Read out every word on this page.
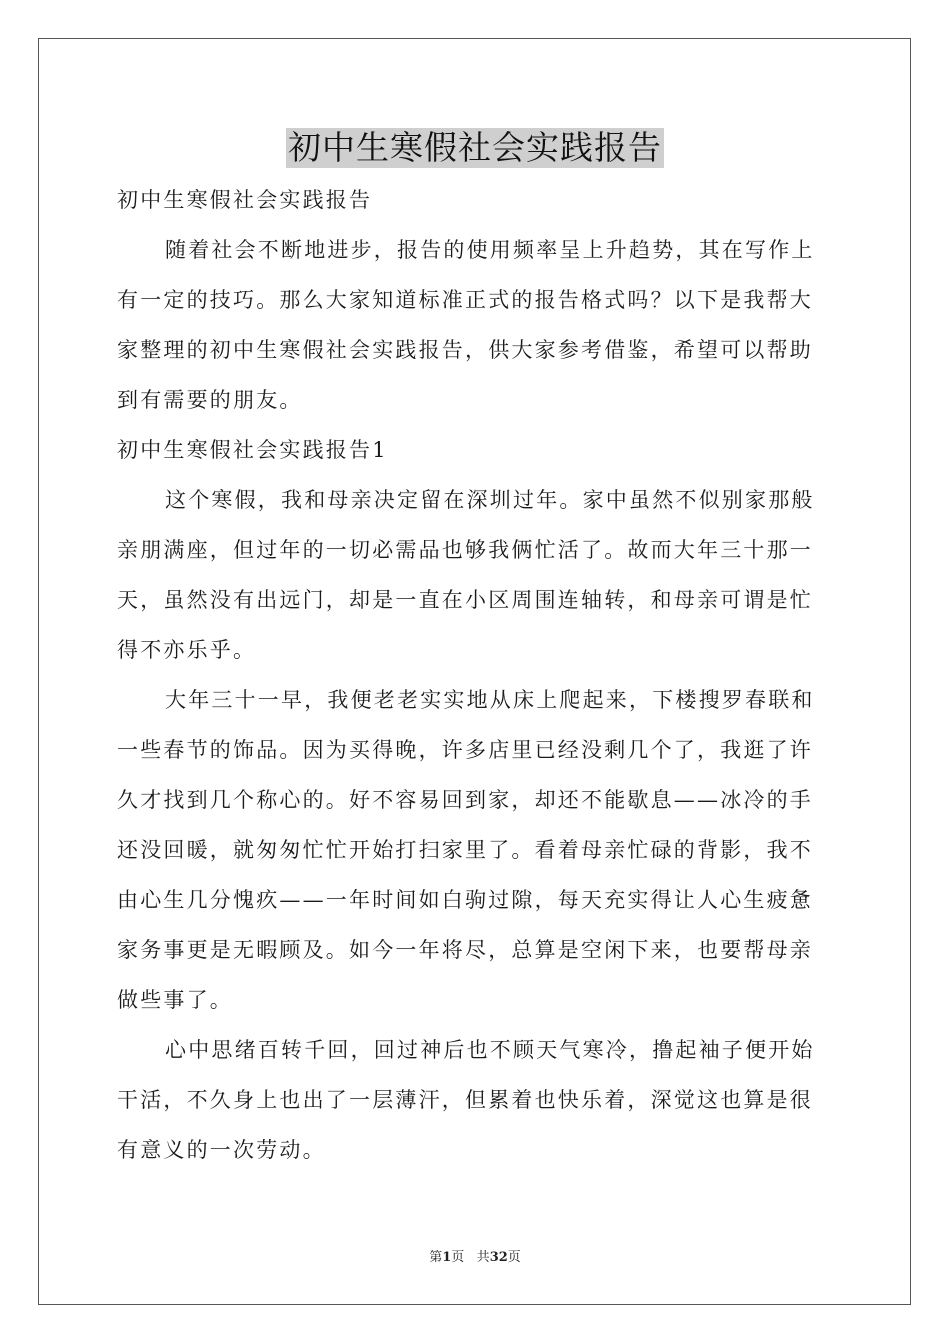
初中生寒假社会实践报告
初中生寒假社会实践报告
随着社会不断地进步，报告的使用频率呈上升趋势，其在写作上
有一定的技巧。那么大家知道标准正式的报告格式吗？以下是我帮大
家整理的初中生寒假社会实践报告，供大家参考借鉴，希望可以帮助
到有需要的朋友。
初中生寒假社会实践报告1
这个寒假，我和母亲决定留在深圳过年。家中虽然不似别家那般
亲朋满座，但过年的一切必需品也够我俩忙活了。故而大年三十那一
天，虽然没有出远门，却是一直在小区周围连轴转，和母亲可谓是忙
得不亦乐乎。
大年三十一早，我便老老实实地从床上爬起来，下楼搜罗春联和
一些春节的饰品。因为买得晚，许多店里已经没剩几个了，我逛了许
久才找到几个称心的。好不容易回到家，却还不能歇息——冰冷的手
还没回暖，就匆匆忙忙开始打扫家里了。看着母亲忙碌的背影，我不
由心生几分愧疚——一年时间如白驹过隙，每天充实得让人心生疲惫
家务事更是无暇顾及。如今一年将尽，总算是空闲下来，也要帮母亲
做些事了。
心中思绪百转千回，回过神后也不顾天气寒冷，撸起袖子便开始
干活，不久身上也出了一层薄汗，但累着也快乐着，深觉这也算是很
有意义的一次劳动。
第1页 共32页
